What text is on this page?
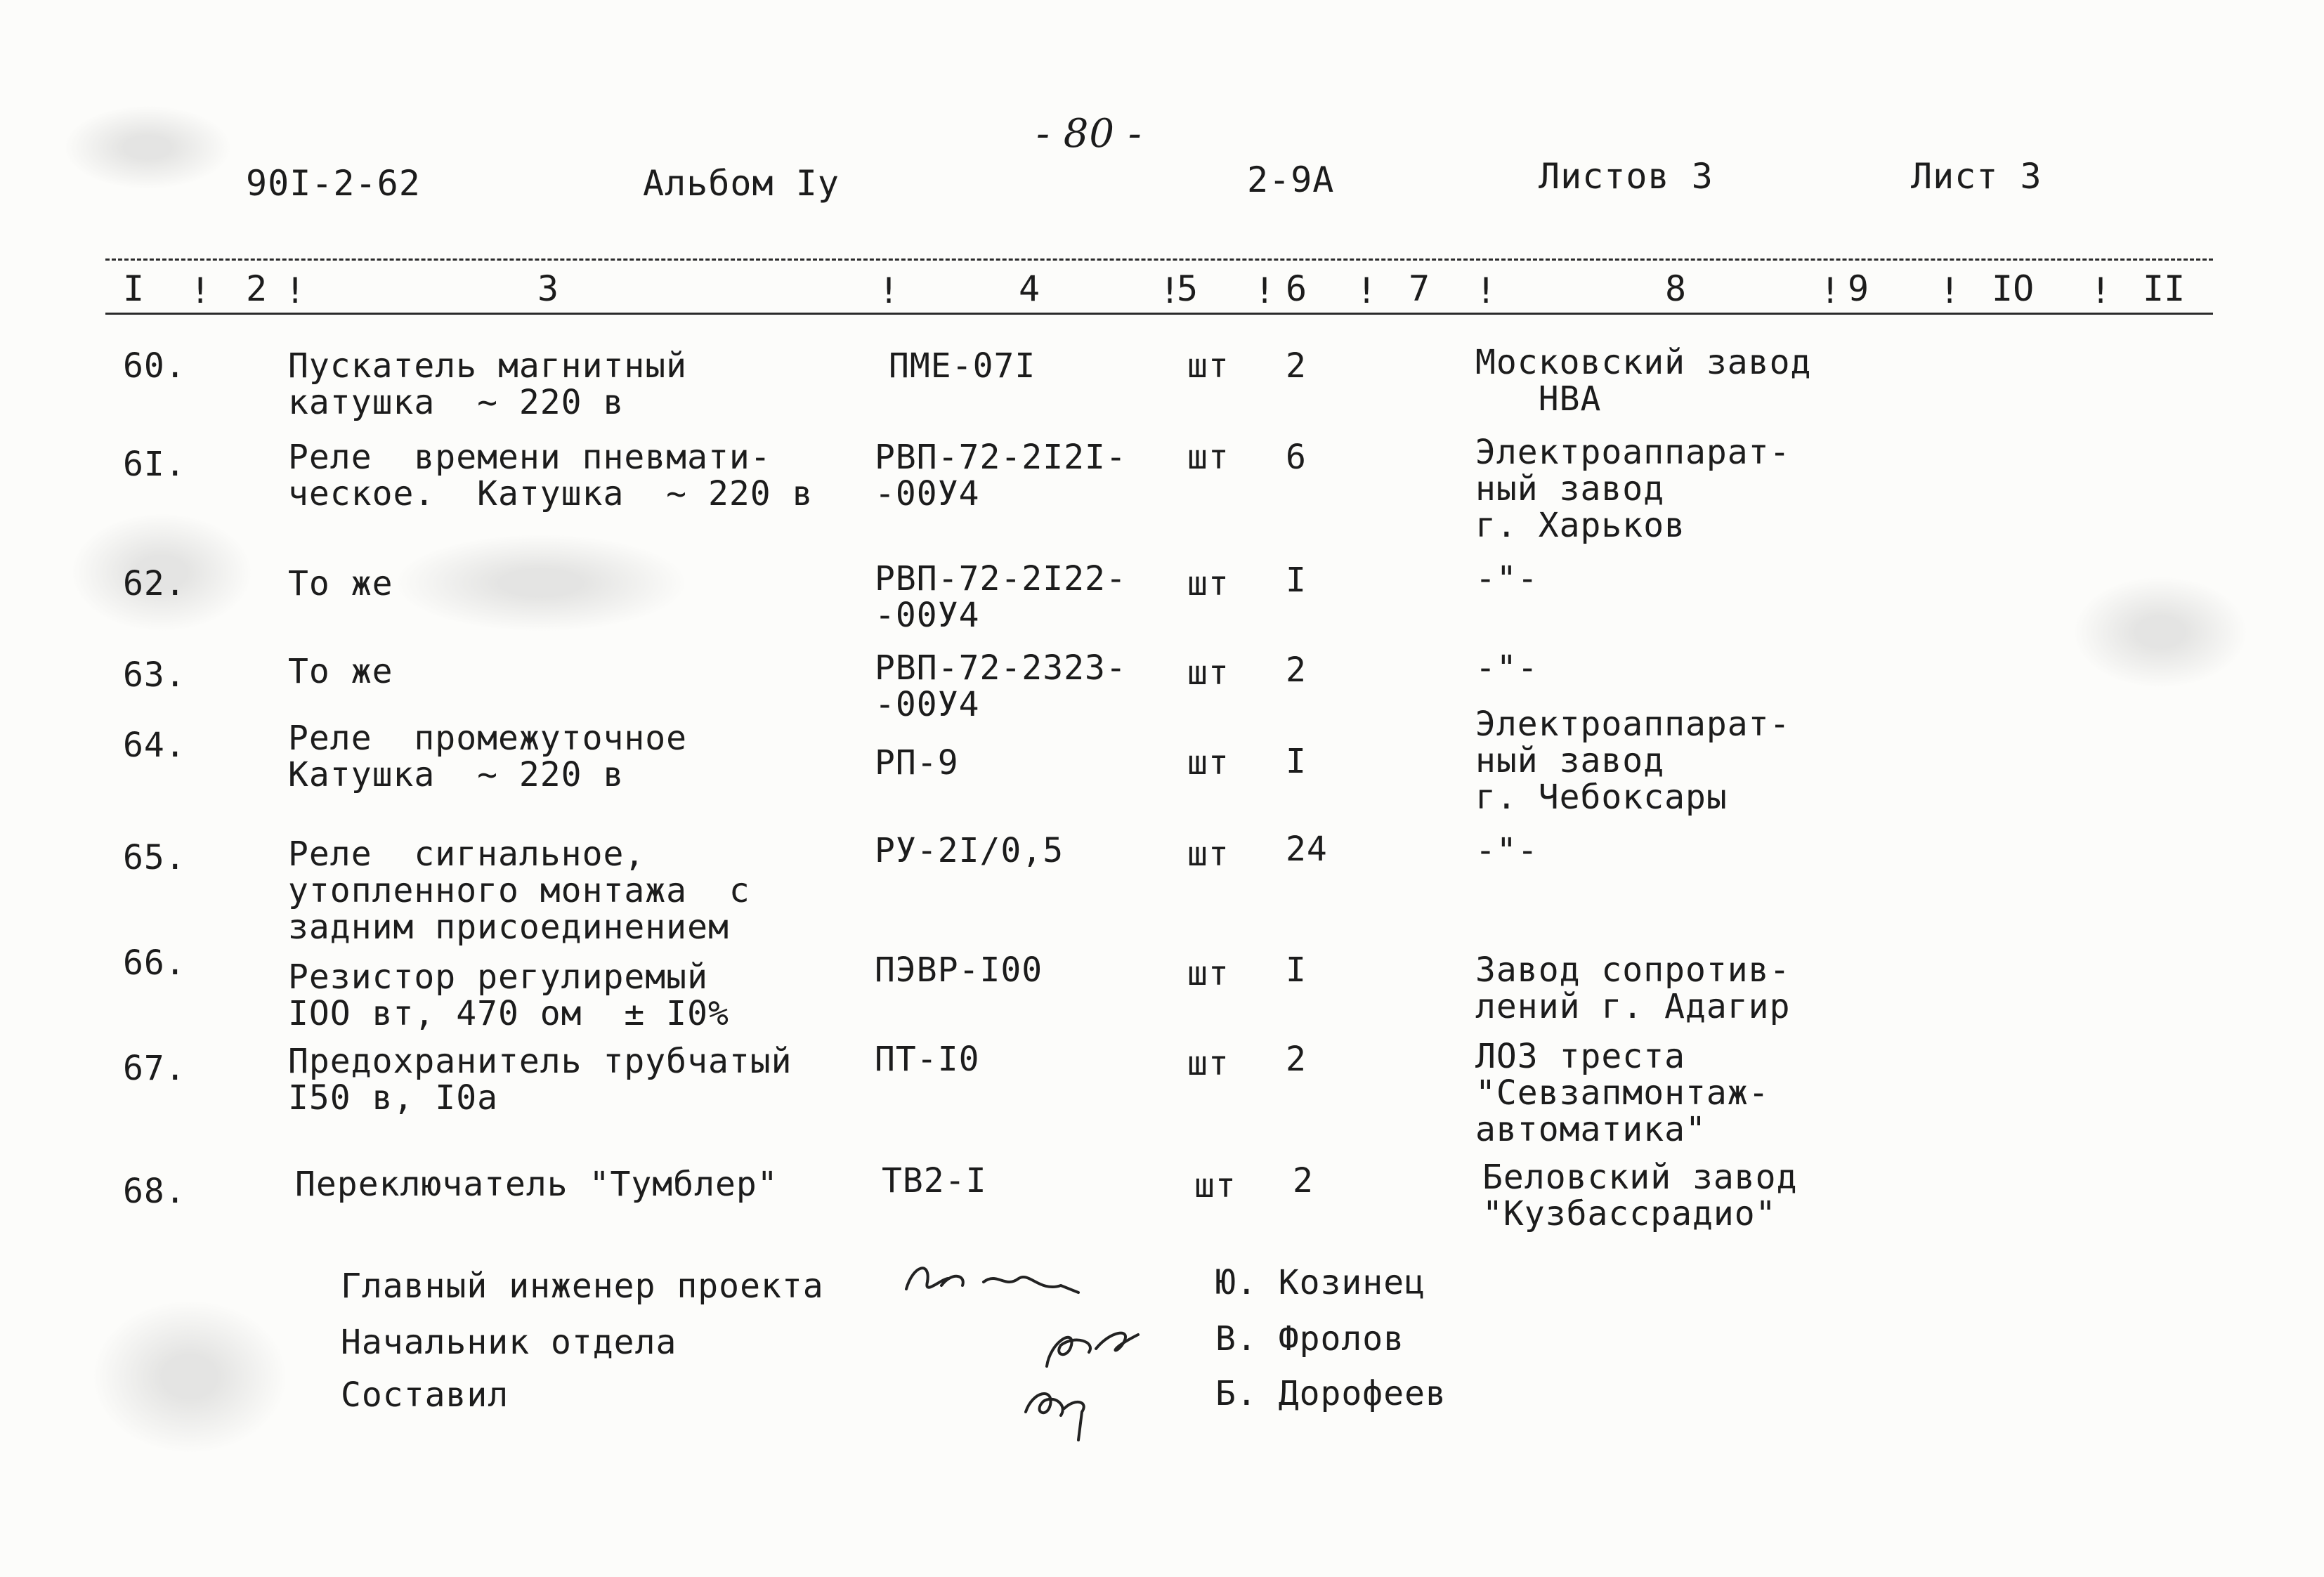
- 80 -
90I-2-62	Альбом Iу	2-9А	Листов 3	Лист 3
I ! 2 !	3	!	4	!
5 ! 6 ! 7 !	8	! 9 ! IO ! II
60.	Пускатель магнитный
катушка  ~ 220 в
ПМЕ-07I	шт 2	Московский завод
НВА
6I.	Реле  времени пневмати-
ческое.  Катушка  ~ 220 в
РВП-72-2I2I-
-00У4
шт 6	Электроаппарат-
ный завод
г. Харьков
62.	То же	РВП-72-2I22-
-00У4
шт I	-"-
63.	То же	РВП-72-2323-
-00У4
шт 2	-"-
64.	Реле  промежуточное
Катушка  ~ 220 в	РП-9	шт I
Электроаппарат-
ный завод
г. Чебоксары
65.	Реле  сигнальное,
утопленного монтажа  с
задним присоединением
РУ-2I/0,5	шт 24	-"-
66.	Резистор регулиремый
IOO вт, 470 ом  ± I0%
ПЭВР-I00	шт I	Завод сопротив-
лений г. Адагир
67.	Предохранитель трубчатый
I50 в, I0а
ПТ-I0	шт 2	ЛОЗ треста
"Севзапмонтаж-
автоматика"
68.	Переключатель "Тумблер"	ТВ2-I	шт 2	Беловский завод
"Кузбассрадио"
Главный инженер проекта	Ю. Козинец
Начальник отдела	В. Фролов
Составил	Б. Дорофеев
